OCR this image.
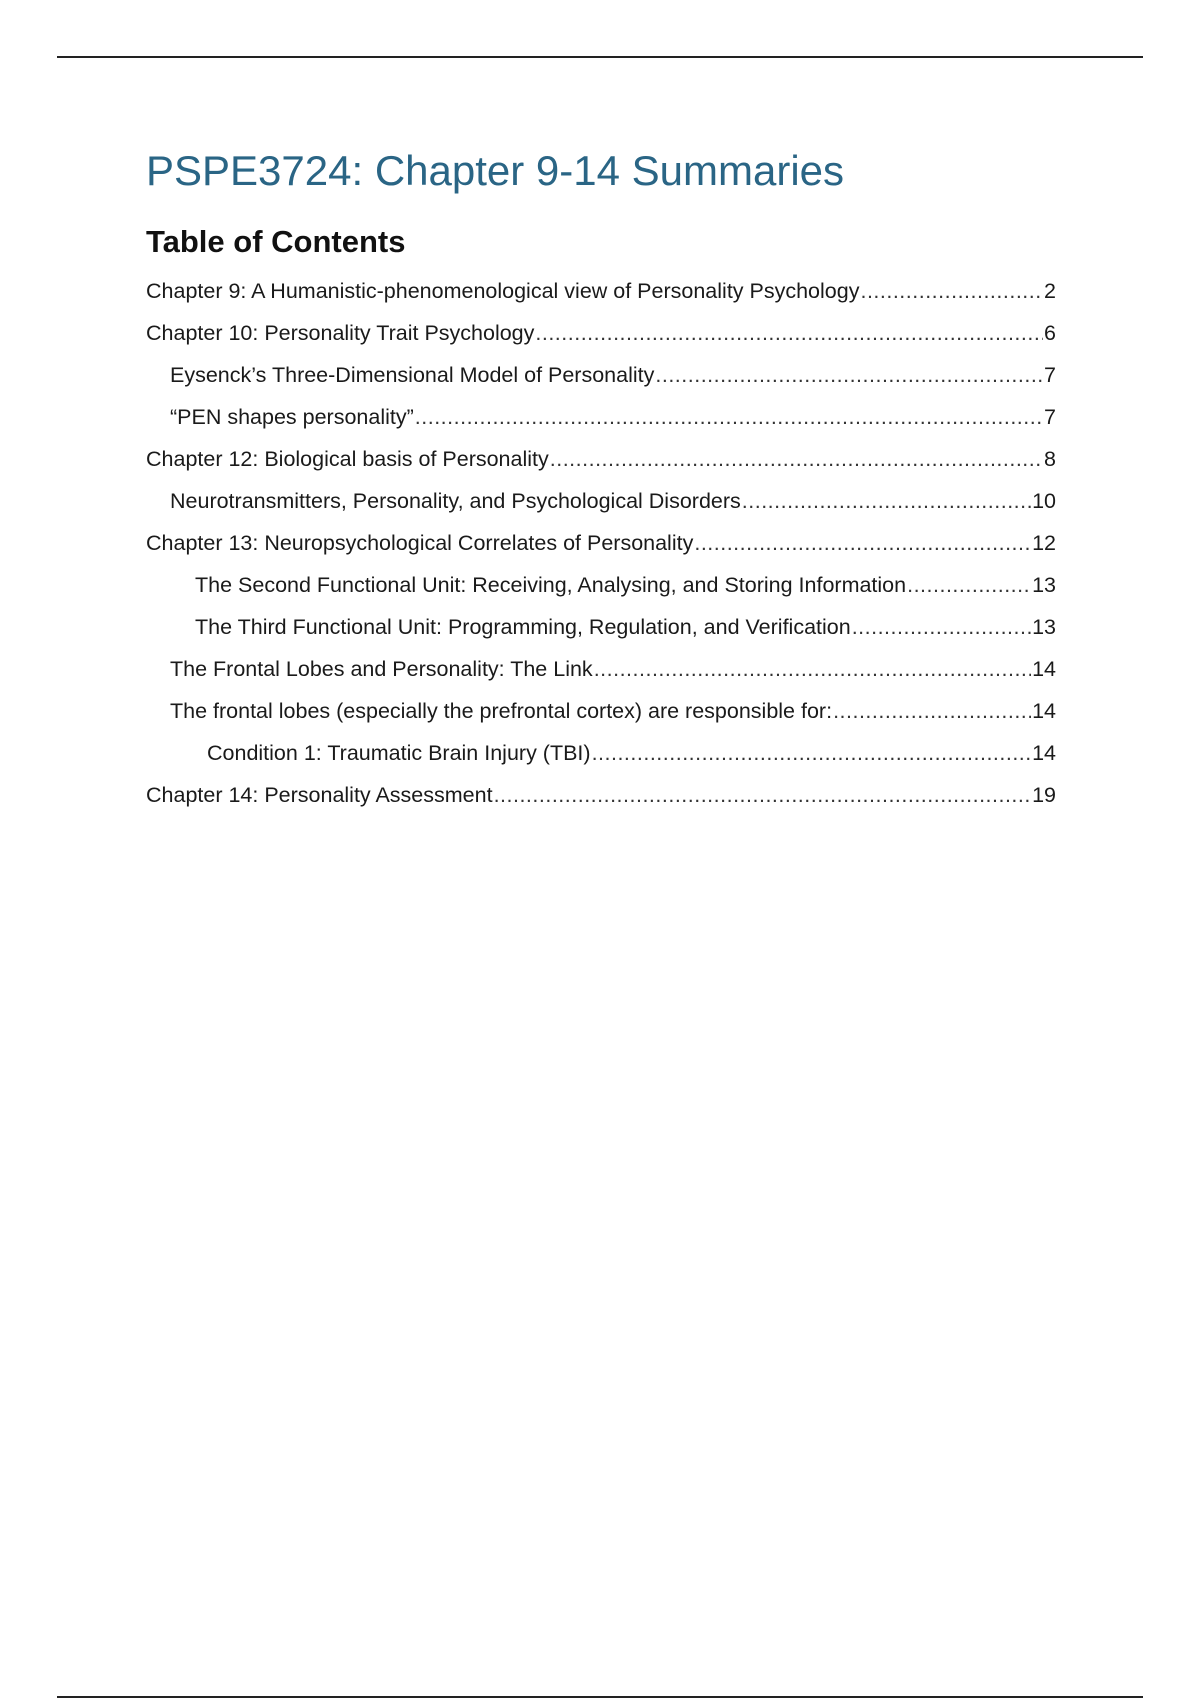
PSPE3724: Chapter 9-14 Summaries
Table of Contents
Chapter 9: A Humanistic-phenomenological view of Personality Psychology .....	2
Chapter 10: Personality Trait Psychology .....	6
Eysenck’s Three-Dimensional Model of Personality .....	7
“PEN shapes personality” .....	7
Chapter 12: Biological basis of Personality .....	8
Neurotransmitters, Personality, and Psychological Disorders .....	10
Chapter 13: Neuropsychological Correlates of Personality .....	12
The Second Functional Unit: Receiving, Analysing, and Storing Information .....	13
The Third Functional Unit: Programming, Regulation, and Verification .....	13
The Frontal Lobes and Personality: The Link .....	14
The frontal lobes (especially the prefrontal cortex) are responsible for: .....	14
Condition 1: Traumatic Brain Injury (TBI) .....	14
Chapter 14: Personality Assessment .....	19
